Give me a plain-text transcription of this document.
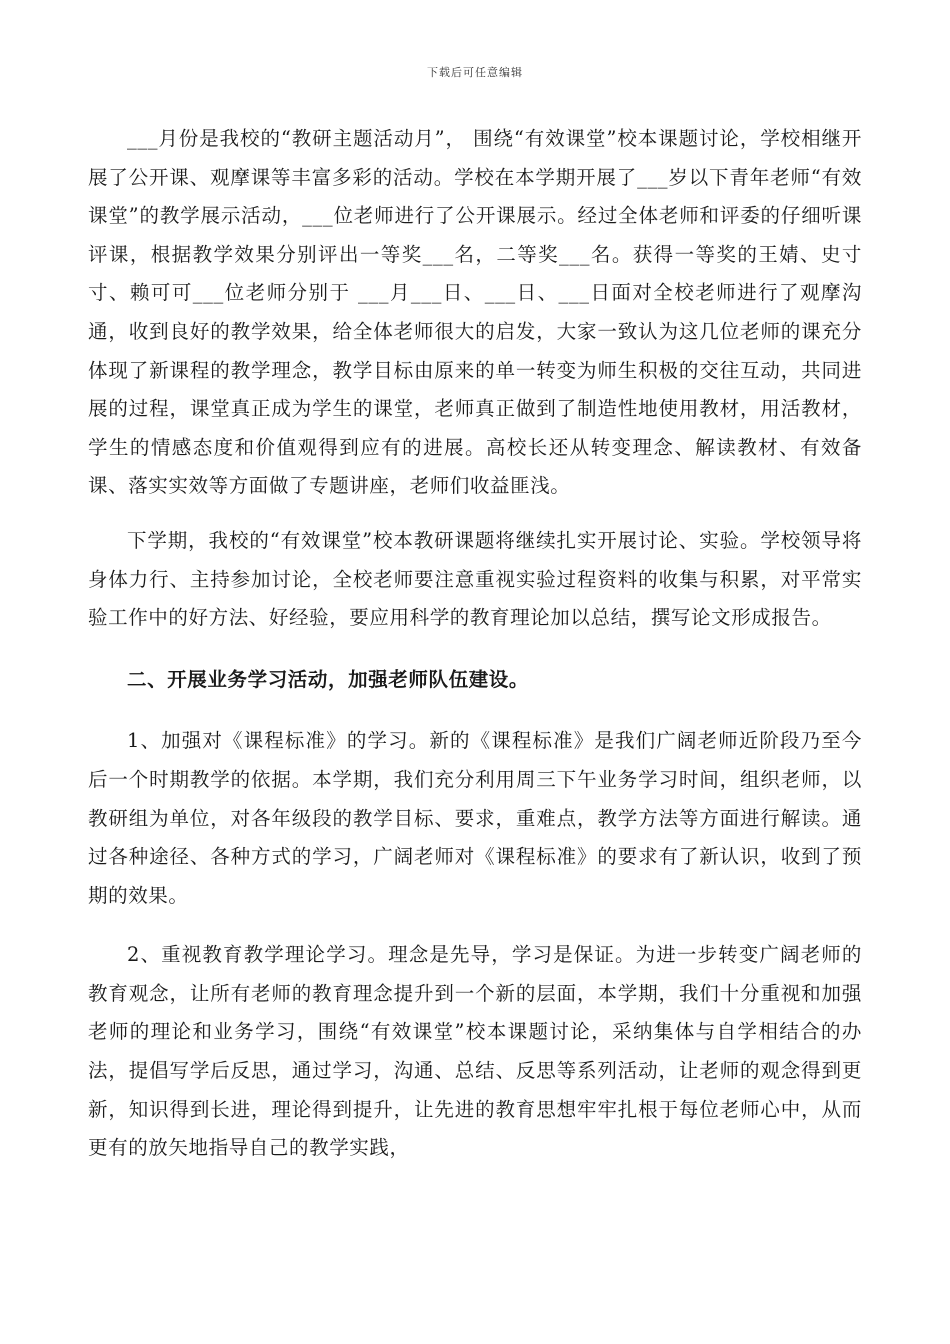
下载后可任意编辑

___月份是我校的“教研主题活动月”， 围绕“有效课堂”校本课题讨论，学校相继开展了公开课、观摩课等丰富多彩的活动。学校在本学期开展了___岁以下青年老师“有效课堂”的教学展示活动，___位老师进行了公开课展示。经过全体老师和评委的仔细听课评课，根据教学效果分别评出一等奖___名，二等奖___名。获得一等奖的王婧、史寸寸、赖可可___位老师分别于 ___月___日、___日、___日面对全校老师进行了观摩沟通，收到良好的教学效果，给全体老师很大的启发，大家一致认为这几位老师的课充分体现了新课程的教学理念，教学目标由原来的单一转变为师生积极的交往互动，共同进展的过程，课堂真正成为学生的课堂，老师真正做到了制造性地使用教材，用活教材，学生的情感态度和价值观得到应有的进展。高校长还从转变理念、解读教材、有效备课、落实实效等方面做了专题讲座，老师们收益匪浅。

下学期，我校的“有效课堂”校本教研课题将继续扎实开展讨论、实验。学校领导将身体力行、主持参加讨论，全校老师要注意重视实验过程资料的收集与积累，对平常实验工作中的好方法、好经验，要应用科学的教育理论加以总结，撰写论文形成报告。

二、开展业务学习活动，加强老师队伍建设。

1、加强对《课程标准》的学习。新的《课程标准》是我们广阔老师近阶段乃至今后一个时期教学的依据。本学期，我们充分利用周三下午业务学习时间，组织老师，以教研组为单位，对各年级段的教学目标、要求，重难点，教学方法等方面进行解读。通过各种途径、各种方式的学习，广阔老师对《课程标准》的要求有了新认识，收到了预期的效果。

2、重视教育教学理论学习。理念是先导，学习是保证。为进一步转变广阔老师的教育观念，让所有老师的教育理念提升到一个新的层面，本学期，我们十分重视和加强老师的理论和业务学习，围绕“有效课堂”校本课题讨论，采纳集体与自学相结合的办法，提倡写学后反思，通过学习，沟通、总结、反思等系列活动，让老师的观念得到更新，知识得到长进，理论得到提升，让先进的教育思想牢牢扎根于每位老师心中，从而更有的放矢地指导自己的教学实践，
